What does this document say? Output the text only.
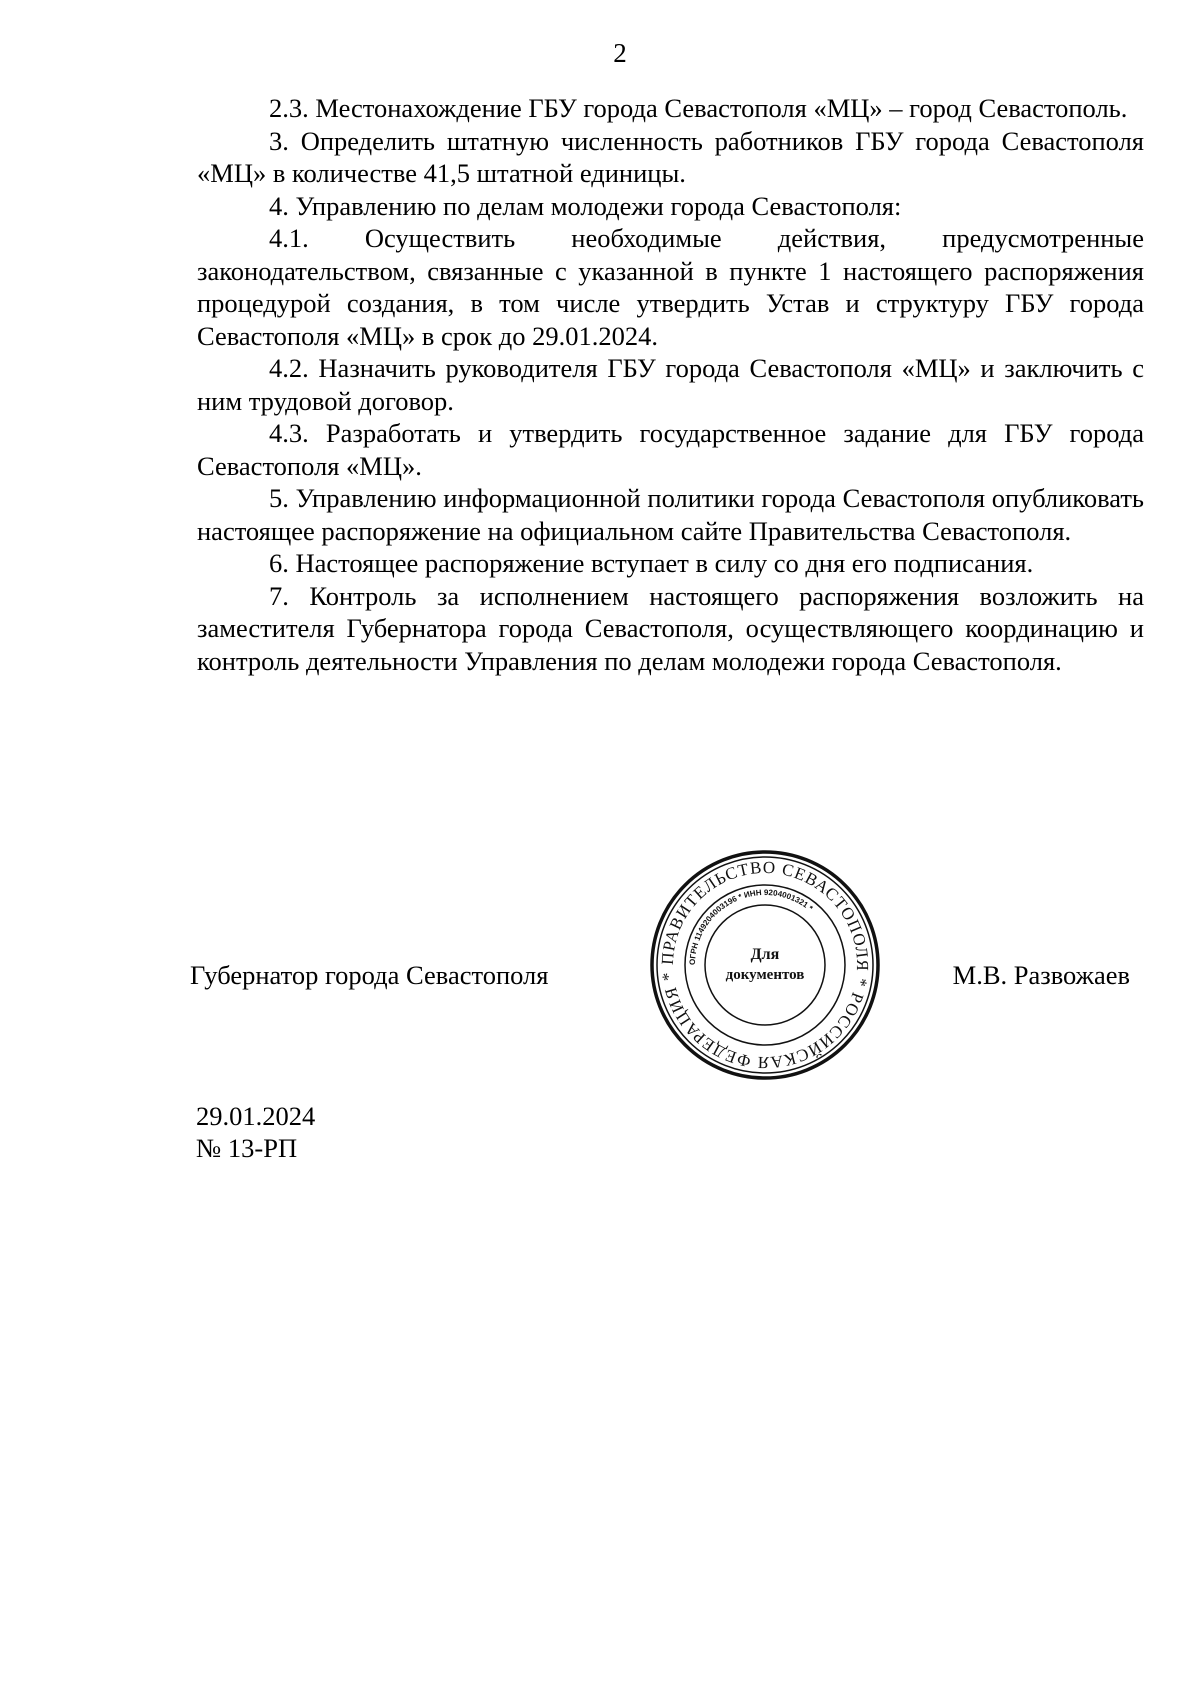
2

2.3. Местонахождение ГБУ города Севастополя «МЦ» – город Севастополь.

3. Определить штатную численность работников ГБУ города Севастополя «МЦ» в количестве 41,5 штатной единицы.

4. Управлению по делам молодежи города Севастополя:

4.1. Осуществить необходимые действия, предусмотренные законодательством, связанные с указанной в пункте 1 настоящего распоряжения процедурой создания, в том числе утвердить Устав и структуру ГБУ города Севастополя «МЦ» в срок до 29.01.2024.

4.2. Назначить руководителя ГБУ города Севастополя «МЦ» и заключить с ним трудовой договор.

4.3. Разработать и утвердить государственное задание для ГБУ города Севастополя «МЦ».

5. Управлению информационной политики города Севастополя опубликовать настоящее распоряжение на официальном сайте Правительства Севастополя.

6. Настоящее распоряжение вступает в силу со дня его подписания.

7. Контроль за исполнением настоящего распоряжения возложить на заместителя Губернатора города Севастополя, осуществляющего координацию и контроль деятельности Управления по делам молодежи города Севастополя.

Губернатор города Севастополя	М.В. Развожаев
ПРАВИТЕЛЬСТВО СЕВАСТОПОЛЯ * РОССИЙСКАЯ ФЕДЕРАЦИЯ *
ОГРН 1149204003196 * ИНН 9204001321 *
Для
документов
29.01.2024
№ 13-РП
